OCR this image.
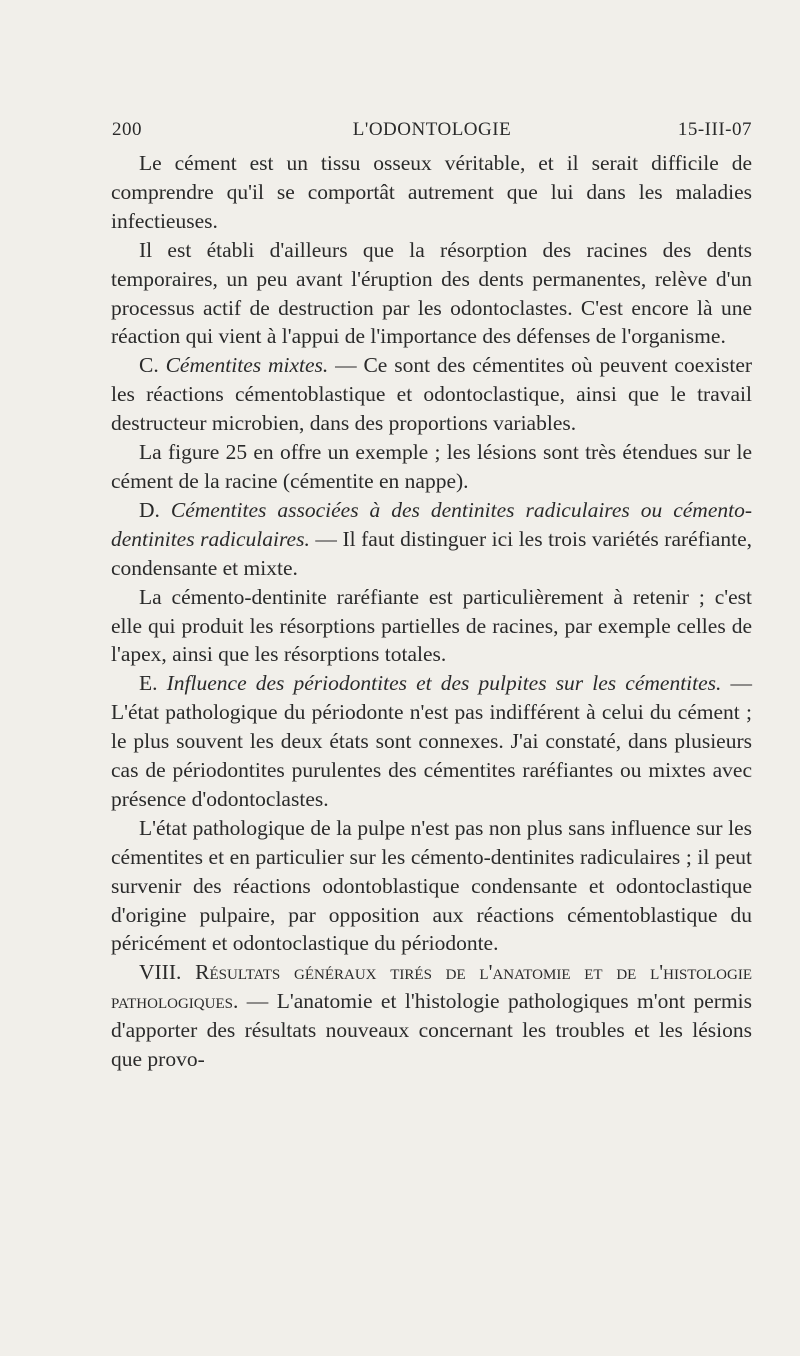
200	L'ODONTOLOGIE	15-III-07

Le cément est un tissu osseux véritable, et il serait difficile de comprendre qu'il se comportât autrement que lui dans les maladies infectieuses.

Il est établi d'ailleurs que la résorption des racines des dents temporaires, un peu avant l'éruption des dents permanentes, relève d'un processus actif de destruction par les odontoclastes. C'est encore là une réaction qui vient à l'appui de l'importance des défenses de l'organisme.

C. Cémentites mixtes. — Ce sont des cémentites où peuvent coexister les réactions cémentoblastique et odontoclastique, ainsi que le travail destructeur microbien, dans des proportions variables.

La figure 25 en offre un exemple ; les lésions sont très étendues sur le cément de la racine (cémentite en nappe).

D. Cémentites associées à des dentinites radiculaires ou cémento-dentinites radiculaires. — Il faut distinguer ici les trois variétés raréfiante, condensante et mixte.

La cémento-dentinite raréfiante est particulièrement à retenir ; c'est elle qui produit les résorptions partielles de racines, par exemple celles de l'apex, ainsi que les résorptions totales.

E. Influence des périodontites et des pulpites sur les cémentites. — L'état pathologique du périodonte n'est pas indifférent à celui du cément ; le plus souvent les deux états sont connexes. J'ai constaté, dans plusieurs cas de périodontites purulentes des cémentites raréfiantes ou mixtes avec présence d'odontoclastes.

L'état pathologique de la pulpe n'est pas non plus sans influence sur les cémentites et en particulier sur les cémento-dentinites radiculaires ; il peut survenir des réactions odontoblastique condensante et odontoclastique d'origine pulpaire, par opposition aux réactions cémentoblastique du péricément et odontoclastique du périodonte.

VIII. Résultats généraux tirés de l'anatomie et de l'histologie pathologiques. — L'anatomie et l'histologie pathologiques m'ont permis d'apporter des résultats nouveaux concernant les troubles et les lésions que provo-
